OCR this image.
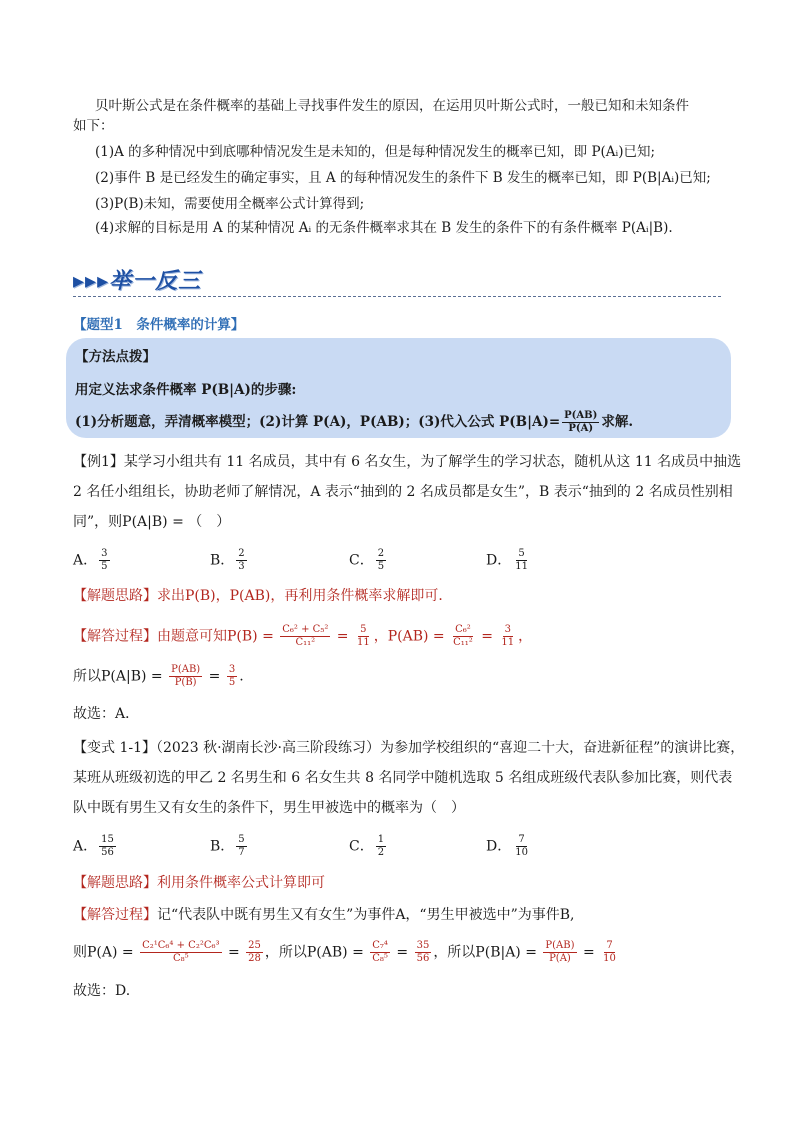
贝叶斯公式是在条件概率的基础上寻找事件发生的原因，在运用贝叶斯公式时，一般已知和未知条件
如下：
(1)A 的多种情况中到底哪种情况发生是未知的，但是每种情况发生的概率已知，即 P(Aᵢ)已知;
(2)事件 B 是已经发生的确定事实，且 A 的每种情况发生的条件下 B 发生的概率已知，即 P(B|Aᵢ)已知;
(3)P(B)未知，需要使用全概率公式计算得到;
(4)求解的目标是用 A 的某种情况 Aᵢ 的无条件概率求其在 B 发生的条件下的有条件概率 P(Aᵢ|B).
▸▸▸举一反三
【题型1　条件概率的计算】
【方法点拨】
用定义法求条件概率 P(B|A)的步骤:
(1)分析题意，弄清概率模型；(2)计算 P(A)，P(AB)；(3)代入公式 $P(B|A)= \frac{P(AB)}{P(A)}$ 求解.
【例1】某学习小组共有 11 名成员，其中有 6 名女生，为了解学生的学习状态，随机从这 11 名成员中抽选
2 名任小组组长，协助老师了解情况，A 表示“抽到的 2 名成员都是女生”，B 表示“抽到的 2 名成员性别相
同”，则P(A|B) = （　）
A． $\frac{3}{5}$	B． $\frac{2}{3}$	C． $\frac{2}{5}$	D． $\frac{5}{11}$
【解题思路】求出P(B)，P(AB)，再利用条件概率求解即可．
【解答过程】由题意可知$P(B) = \frac{\text{C₆² + C₅²}}{\text{C₁₁²}} = \frac{5}{11}$ ，$P(AB) = \frac{\text{C₆²}}{\text{C₁₁²}} = \frac{3}{11}$ ，
所以$P(A|B) = \frac{P(AB)}{P(B)} = \frac{3}{5}$ .
故选：A．
【变式 1-1】（2023 秋·湖南长沙·高三阶段练习）为参加学校组织的“喜迎二十大，奋进新征程”的演讲比赛，
某班从班级初选的甲乙 2 名男生和 6 名女生共 8 名同学中随机选取 5 名组成班级代表队参加比赛，则代表
队中既有男生又有女生的条件下，男生甲被选中的概率为（　）
A． $\frac{15}{56}$	B． $\frac{5}{7}$	C． $\frac{1}{2}$	D． $\frac{7}{10}$
【解题思路】利用条件概率公式计算即可
【解答过程】记“代表队中既有男生又有女生”为事件A，“男生甲被选中”为事件B,
则$P(A) = \frac{\text{C₂¹C₆⁴ + C₂²C₆³}}{\text{C₈⁵}} = \frac{25}{28}$ ，所以$P(AB) = \frac{\text{C₇⁴}}{\text{C₈⁵}} = \frac{35}{56}$ ，所以$P(B|A) = \frac{P(AB)}{P(A)} = \frac{7}{10}$
故选：D.
